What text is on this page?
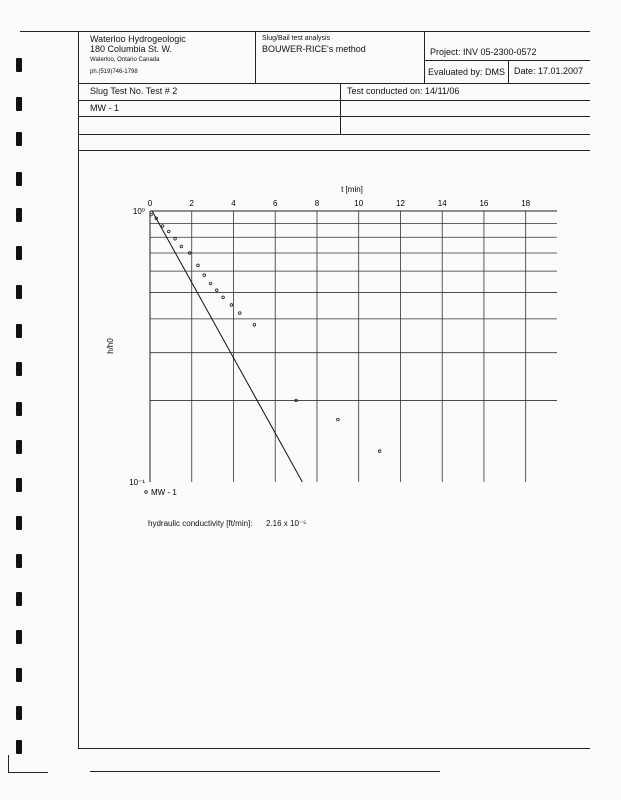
Waterloo Hydrogeologic
180 Columbia St. W.
Waterloo, Ontario Canada
ph.(519)746-1798
Slug/Bail test analysis
BOUWER-RICE's method	Project: INV 05-2300-0572
Evaluated by: DMS Date: 17.01.2007
Slug Test No. Test # 2	Test conducted on: 14/11/06
MW - 1
t [min]
h/h0
0	2	4	6	8	10	12	14	16	18
10⁰
10⁻¹
MW - 1
hydraulic conductivity [ft/min]: 2.16 x 10⁻⁵
